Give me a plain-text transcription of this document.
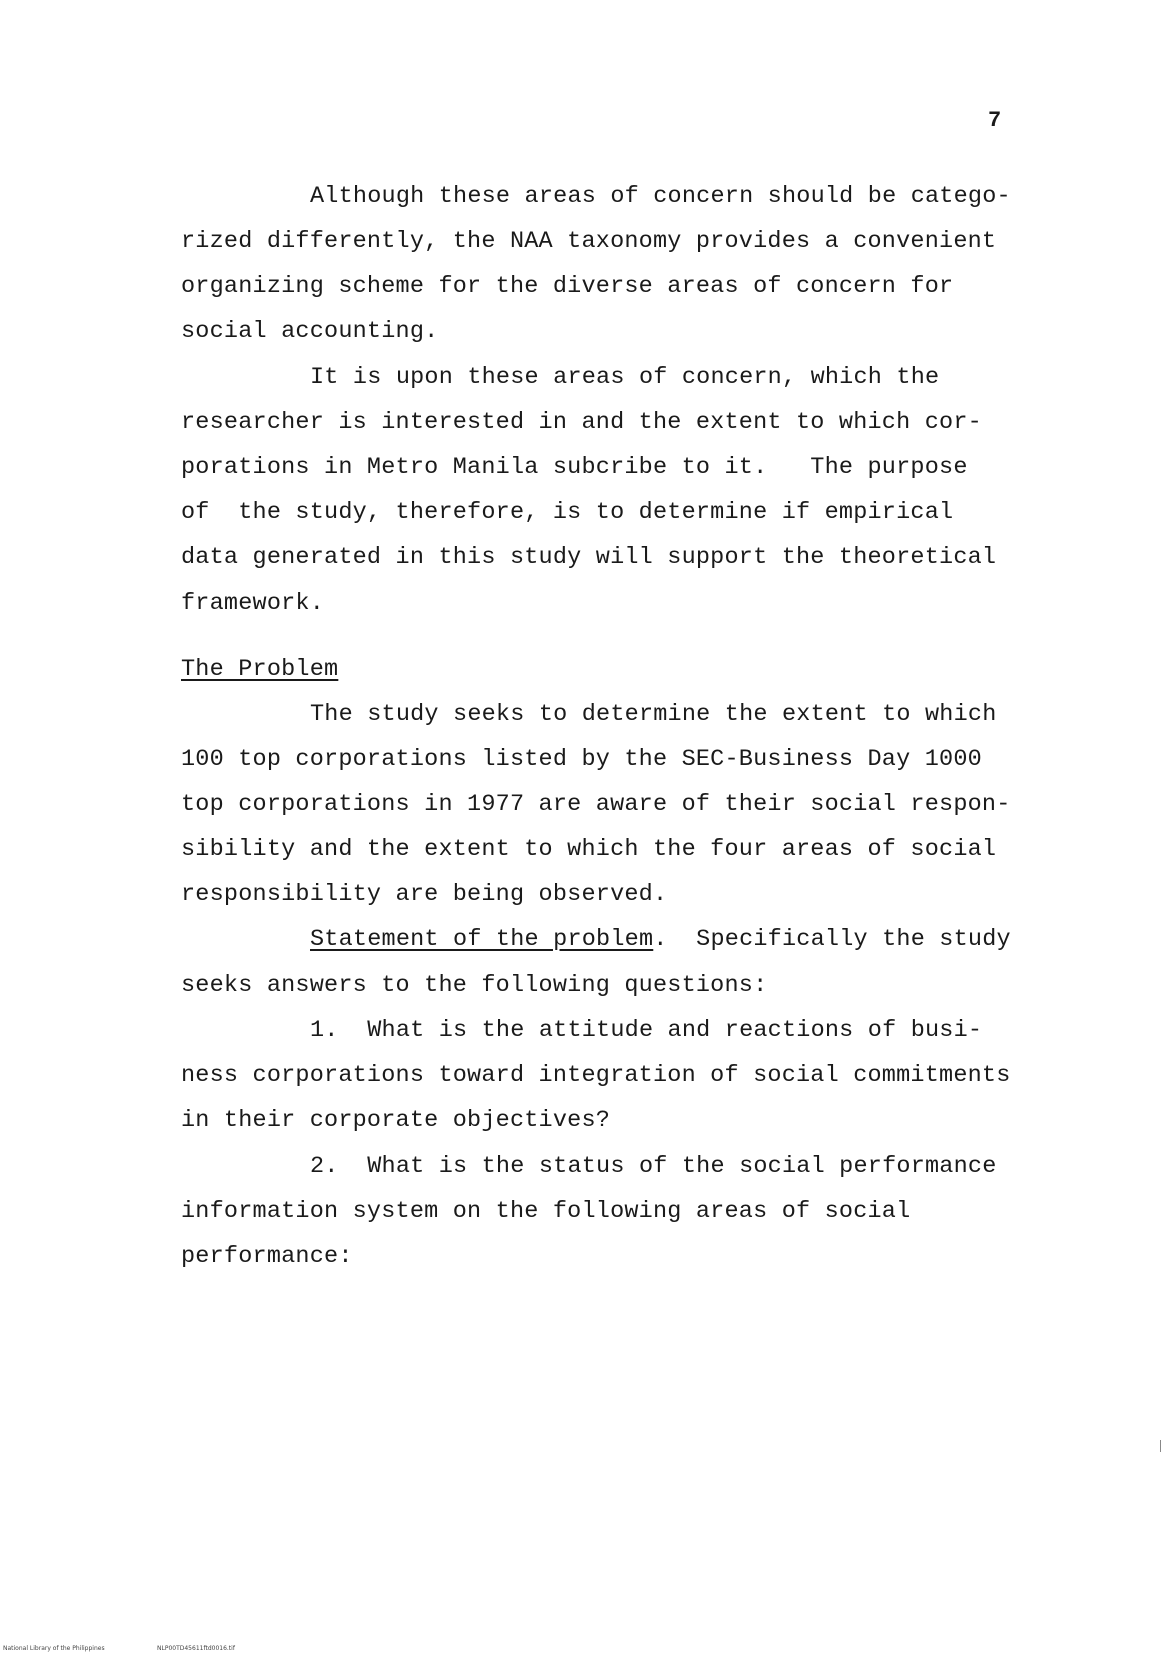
7
Although these areas of concern should be catego-
rized differently, the NAA taxonomy provides a convenient
organizing scheme for the diverse areas of concern for
social accounting.
It is upon these areas of concern, which the
researcher is interested in and the extent to which cor-
porations in Metro Manila subcribe to it.   The purpose
of  the study, therefore, is to determine if empirical
data generated in this study will support the theoretical
framework.
The Problem
The study seeks to determine the extent to which
100 top corporations listed by the SEC-Business Day 1000
top corporations in 1977 are aware of their social respon-
sibility and the extent to which the four areas of social
responsibility are being observed.
Statement of the problem.  Specifically the study
seeks answers to the following questions:
1.  What is the attitude and reactions of busi-
ness corporations toward integration of social commitments
in their corporate objectives?
2.  What is the status of the social performance
information system on the following areas of social
performance:
National Library of the Philippines	NLP00TD45611ftd0016.tif
